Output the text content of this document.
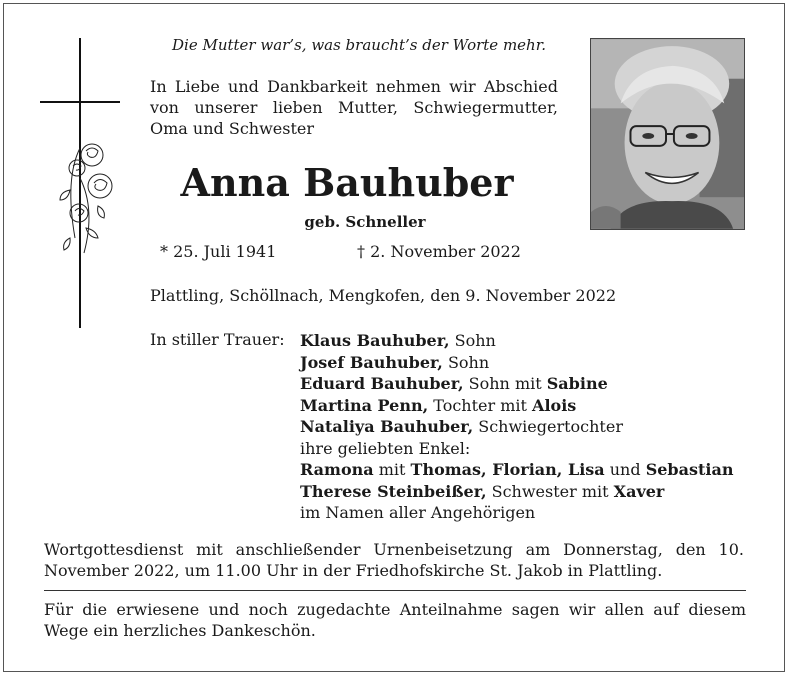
Die Mutter war’s, was braucht’s der Worte mehr.
In Liebe und Dankbarkeit nehmen wir Abschied von unserer lieben Mutter, Schwiegermutter, Oma und Schwester
Anna Bauhuber
geb. Schneller
* 25. Juli 1941	† 2. November 2022
Plattling, Schöllnach, Mengkofen, den 9. November 2022
In stiller Trauer: Klaus Bauhuber, Sohn
Josef Bauhuber, Sohn
Eduard Bauhuber, Sohn mit Sabine
Martina Penn, Tochter mit Alois
Nataliya Bauhuber, Schwiegertochter
ihre geliebten Enkel:
Ramona mit Thomas, Florian, Lisa und Sebastian
Therese Steinbeißer, Schwester mit Xaver
im Namen aller Angehörigen
Wortgottesdienst mit anschließender Urnenbeisetzung am Donnerstag, den 10.
November 2022, um 11.00 Uhr in der Friedhofskirche St. Jakob in Plattling.
Für die erwiesene und noch zugedachte Anteilnahme sagen wir allen auf diesem
Wege ein herzliches Dankeschön.
